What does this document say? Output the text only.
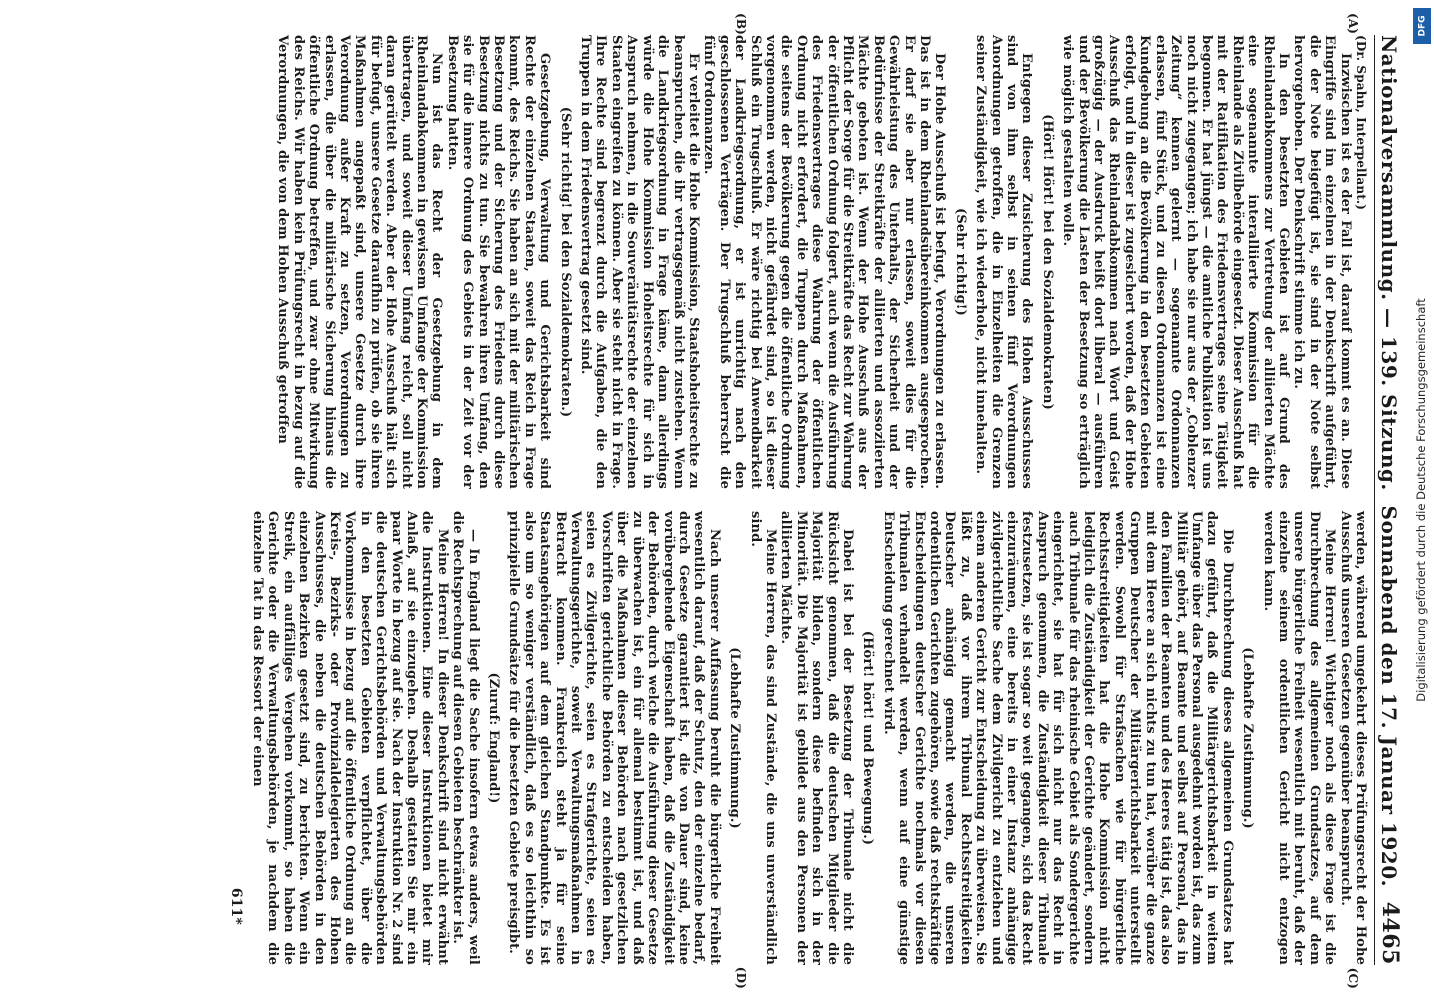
Nationalversammlung. — 139. Sitzung.
Sonnabend den 17. Januar 1920.
4465
(A)
(B)

(Dr. Spahn, Interpellant.)

Inzwischen ist es der Fall ist, darauf kommt es an. Diese Eingriffe sind im einzelnen in der Denkschrift aufgeführt, die der Note beigefügt ist, sie sind in der Note selbst hervorgehoben. Der Denkschrift stimme ich zu.

In den besetzten Gebieten ist auf Grund des Rheinlandabkommens zur Vertretung der alliierten Mächte eine sogenannte interalliierte Kommission für die Rheinlande als Zivilbehörde eingesetzt. Dieser Ausschuß hat mit der Ratifikation des Friedensvertrages seine Tätigkeit begonnen. Er hat jüngst — die amtliche Publikation ist uns noch nicht zugegangen; ich habe sie nur aus der „Coblenzer Zeitung“ kennen gelernt — sogenannte Ordonnanzen erlassen, fünf Stück, und zu diesen Ordonnanzen ist eine Kundgebung an die Bevölkerung in den besetzten Gebieten erfolgt, und in dieser ist zugesichert worden, daß der Hohe Ausschuß das Rheinlandabkommen nach Wort und Geist großzügig — der Ausdruck heißt dort liberal — ausführen und der Bevölkerung die Lasten der Besetzung so erträglich wie möglich gestalten wolle.

(Hört! Hört! bei den Sozialdemokraten)

Entgegen dieser Zusicherung des Hohen Ausschusses sind von ihm selbst in seinen fünf Verordnungen Anordnungen getroffen, die in Einzelheiten die Grenzen seiner Zuständigkeit, wie ich wiederhole, nicht innehalten.

(Sehr richtig!)

Der Hohe Ausschuß ist befugt, Verordnungen zu erlassen. Das ist in dem Rheinlandsübereinkommen ausgesprochen. Er darf sie aber nur erlassen, soweit dies für die Gewährleistung des Unterhalts, der Sicherheit und der Bedürfnisse der Streitkräfte der alliierten und assoziierten Mächte geboten ist. Wenn der Hohe Ausschuß aus der Pflicht der Sorge für die Streitkräfte das Recht zur Wahrung der öffentlichen Ordnung folgert, auch wenn die Ausführung des Friedensvertrages diese Wahrung der öffentlichen Ordnung nicht erfordert, die Truppen durch Maßnahmen, die seitens der Bevölkerung gegen die öffentliche Ordnung vorgenommen werden, nicht gefährdet sind, so ist dieser Schluß ein Trugschluß. Er wäre richtig bei Anwendbarkeit der Landkriegsordnung, er ist unrichtig nach den geschlossenen Verträgen. Der Trugschluß beherrscht die fünf Ordonnanzen.

Er verleitet die Hohe Kommission, Staatshoheitsrechte zu beanspruchen, die ihr vertragsgemäß nicht zustehen. Wenn die Landkriegsordnung in Frage käme, dann allerdings würde die Hohe Kommission Hoheitsrechte für sich in Anspruch nehmen, in die Souveränitätsrechte der einzelnen Staaten eingreifen zu können. Aber sie steht nicht in Frage. Ihre Rechte sind begrenzt durch die Aufgaben, die den Truppen in dem Friedensvertrag gesetzt sind.

(Sehr richtig! bei den Sozialdemokraten.)

Gesetzgebung, Verwaltung und Gerichtsbarkeit sind Rechte der einzelnen Staaten, soweit das Reich in Frage kommt, des Reichs. Sie haben an sich mit der militärischen Besetzung und der Sicherung des Friedens durch diese Besetzung nichts zu tun. Sie bewahren ihren Umfang, den sie für die innere Ordnung des Gebiets in der Zeit vor der Besetzung hatten.

Nun ist das Recht der Gesetzgebung in dem Rheinlandabkommen in gewissem Umfange der Kommission übertragen, und soweit dieser Umfang reicht, soll nicht daran gerüttelt werden. Aber der Hohe Ausschuß hält sich für befugt, unsere Gesetze daraufhin zu prüfen, ob sie ihren Maßnahmen angepaßt sind, unsere Gesetze durch ihre Verordnung außer Kraft zu setzen, Verordnungen zu erlassen, die über die militärische Sicherung hinaus die öffentliche Ordnung betreffen, und zwar ohne Mitwirkung des Reichs. Wir haben kein Prüfungsrecht in bezug auf die Verordnungen, die von dem Hohen Ausschuß getroffen

(C)
(D)

werden, während umgekehrt dieses Prüfungsrecht der Hohe Ausschuß unseren Gesetzen gegenüber beansprucht.

Meine Herren! Wichtiger noch als diese Frage ist die Durchbrechung des allgemeinen Grundsatzes, auf dem unsere bürgerliche Freiheit wesentlich mit beruht, daß der einzelne seinem ordentlichen Gericht nicht entzogen werden kann.

(Lebhafte Zustimmung.)

Die Durchbrechung dieses allgemeinen Grundsatzes hat dazu geführt, daß die Militärgerichtsbarkeit in weitem Umfange über das Personal ausgedehnt worden ist, das zum Militär gehört, auf Beamte und selbst auf Personal, das in den Familien der Beamten und des Heeres tätig ist, das also mit dem Heere an sich nichts zu tun hat, worüber die ganze Gruppen Deutscher der Militärgerichtsbarkeit unterstellt werden. Sowohl für Strafsachen wie für bürgerliche Rechtsstreitigkeiten hat die Hohe Kommission nicht lediglich die Zuständigkeit der Gerichte geändert, sondern auch Tribunale für das rheinische Gebiet als Sondergerichte eingerichtet, sie hat für sich nicht nur das Recht in Anspruch genommen, die Zuständigkeit dieser Tribunale festzusetzen, sie ist sogar so weit gegangen, sich das Recht einzuräumen, eine bereits in einer Instanz anhängige zivilgerichtliche Sache dem Zivilgericht zu entziehen und einem anderen Gericht zur Entscheidung zu überweisen. Sie läßt zu, daß vor ihrem Tribunal Rechtsstreitigkeiten Deutscher anhängig gemacht werden, die unseren ordentlichen Gerichten zugehören, sowie daß rechtskräftige Entscheidungen deutscher Gerichte nochmals vor diesen Tribunalen verhandelt werden, wenn auf eine günstige Entscheidung gerechnet wird.

(Hört! hört! und Bewegung.)

Dabei ist bei der Besetzung der Tribunale nicht die Rücksicht genommen, daß die deutschen Mitglieder die Majorität bilden, sondern diese befinden sich in der Minorität. Die Majorität ist gebildet aus den Personen der alliierten Mächte.

Meine Herren, das sind Zustände, die uns unverständlich sind.

(Lebhafte Zustimmung.)

Nach unserer Auffassung beruht die bürgerliche Freiheit wesentlich darauf, daß der Schutz, den der einzelne bedarf, durch Gesetze garantiert ist, die von Dauer sind, keine vorübergehende Eigenschaft haben, daß die Zuständigkeit der Behörden, durch welche die Ausführung dieser Gesetze zu überwachen ist, ein für allemal bestimmt ist, und daß über die Maßnahmen dieser Behörden nach gesetzlichen Vorschriften gerichtliche Behörden zu entscheiden haben, seien es Zivilgerichte, seien es Strafgerichte, seien es Verwaltungsgerichte, soweit Verwaltungsmaßnahmen in Betracht kommen. Frankreich steht ja für seine Staatsangehörigen auf dem gleichen Standpunkte. Es ist also um so weniger verständlich, daß es so leichthin so prinzipielle Grundsätze für die besetzten Gebiete preisgibt.

(Zuruf: England!)

— In England liegt die Sache insofern etwas anders, weil die Rechtsprechung auf diesen Gebieten beschränkter ist.

Meine Herren! In dieser Denkschrift sind nicht erwähnt die Instruktionen. Eine dieser Instruktionen bietet mir Anlaß, auf sie einzugehen. Deshalb gestatten Sie mir ein paar Worte in bezug auf sie. Nach der Instruktion Nr. 2 sind die deutschen Gerichtsbehörden und Verwaltungsbehörden in den besetzten Gebieten verpflichtet, über die Vorkommnisse in bezug auf die öffentliche Ordnung an die Kreis-, Bezirks- oder Provinzialdelegierten des Hohen Ausschusses, die neben die deutschen Behörden in den einzelnen Bezirken gesetzt sind, zu berichten. Wenn ein Streik, ein auffälliges Vergehen vorkommt, so haben die Gerichte oder die Verwaltungsbehörden, je nachdem die einzelne Tat in das Ressort der einen

611*
DFG
Digitalisierung gefördert durch die Deutsche Forschungsgemeinschaft
